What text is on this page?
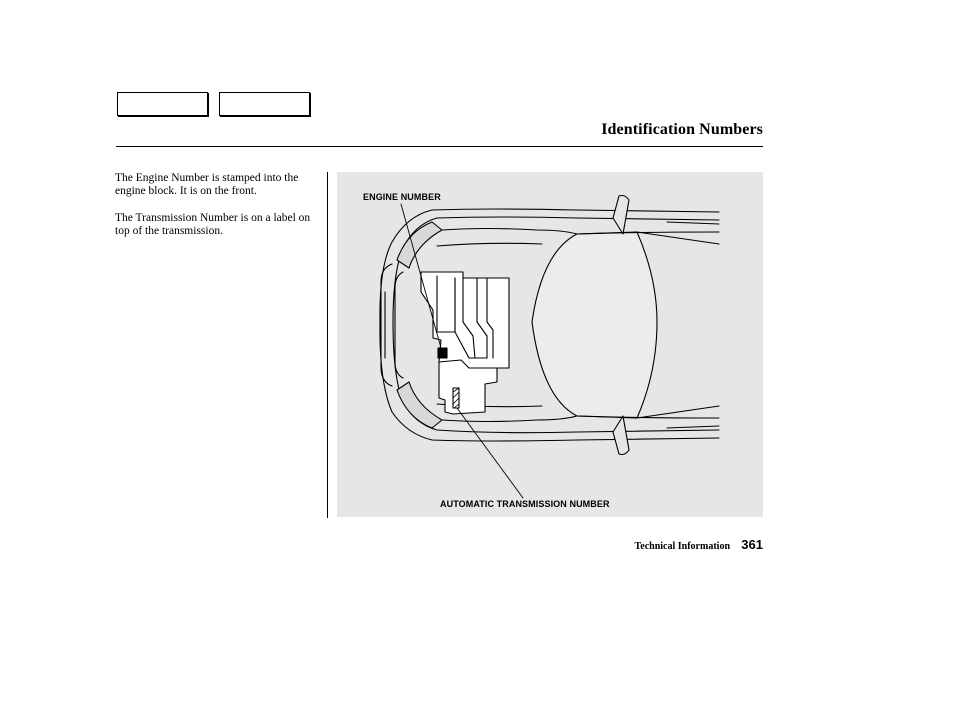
Identification Numbers
The Engine Number is stamped into the engine block. It is on the front.
The Transmission Number is on a label on top of the transmission.
ENGINE NUMBER
AUTOMATIC TRANSMISSION NUMBER
Technical Information 361
